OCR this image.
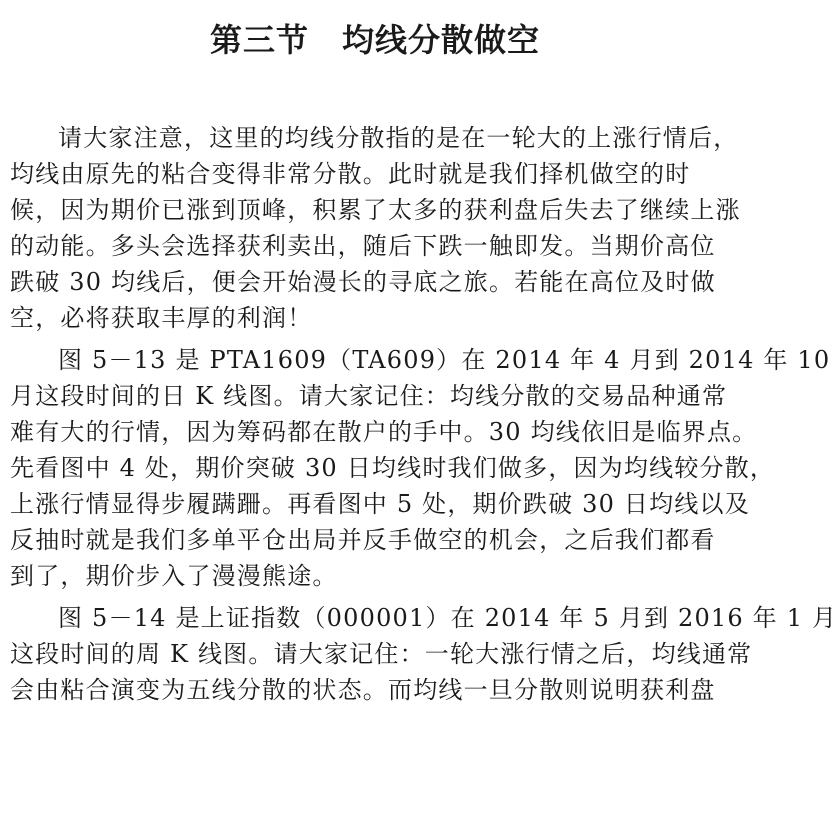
第三节　均线分散做空
请大家注意，这里的均线分散指的是在一轮大的上涨行情后，
均线由原先的粘合变得非常分散。此时就是我们择机做空的时
候，因为期价已涨到顶峰，积累了太多的获利盘后失去了继续上涨
的动能。多头会选择获利卖出，随后下跌一触即发。当期价高位
跌破 30 均线后，便会开始漫长的寻底之旅。若能在高位及时做
空，必将获取丰厚的利润！
图 5－13 是 PTA1609（TA609）在 2014 年 4 月到 2014 年 10
月这段时间的日 K 线图。请大家记住：均线分散的交易品种通常
难有大的行情，因为筹码都在散户的手中。30 均线依旧是临界点。
先看图中 4 处，期价突破 30 日均线时我们做多，因为均线较分散，
上涨行情显得步履蹒跚。再看图中 5 处，期价跌破 30 日均线以及
反抽时就是我们多单平仓出局并反手做空的机会，之后我们都看
到了，期价步入了漫漫熊途。
图 5－14 是上证指数（000001）在 2014 年 5 月到 2016 年 1 月
这段时间的周 K 线图。请大家记住：一轮大涨行情之后，均线通常
会由粘合演变为五线分散的状态。而均线一旦分散则说明获利盘
